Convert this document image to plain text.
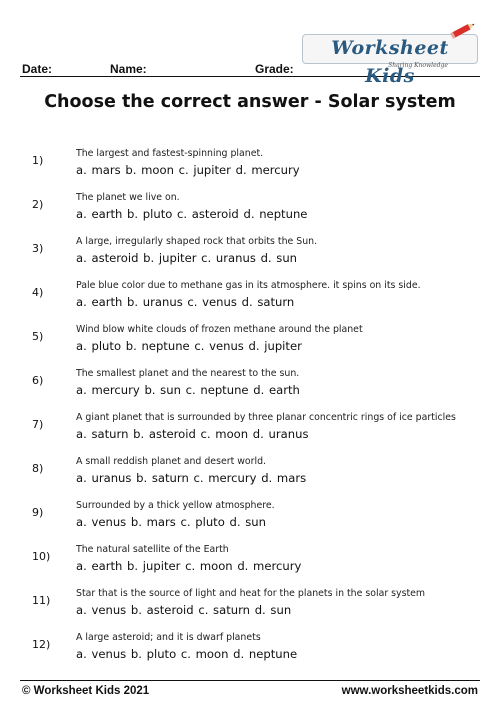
Date:	Name:	Grade:
Worksheet Kids
Sharing Knowledge
Choose the correct answer - Solar system
1)
The largest and fastest-spinning planet.
a. mars b. moon c. jupiter d. mercury
2)
The planet we live on.
a. earth b. pluto c. asteroid d. neptune
3)
A large, irregularly shaped rock that orbits the Sun.
a. asteroid b. jupiter c. uranus d. sun
4)
Pale blue color due to methane gas in its atmosphere. it spins on its side.
a. earth b. uranus c. venus d. saturn
5)
Wind blow white clouds of frozen methane around the planet
a. pluto b. neptune c. venus d. jupiter
6)
The smallest planet and the nearest to the sun.
a. mercury b. sun c. neptune d. earth
7)
A giant planet that is surrounded by three planar concentric rings of ice particles
a. saturn b. asteroid c. moon d. uranus
8)
A small reddish planet and desert world.
a. uranus b. saturn c. mercury d. mars
9)
Surrounded by a thick yellow atmosphere.
a. venus b. mars c. pluto d. sun
10)
The natural satellite of the Earth
a. earth b. jupiter c. moon d. mercury
11)
Star that is the source of light and heat for the planets in the solar system
a. venus b. asteroid c. saturn d. sun
12)
A large asteroid; and it is dwarf planets
a. venus b. pluto c. moon d. neptune
© Worksheet Kids 2021	www.worksheetkids.com
